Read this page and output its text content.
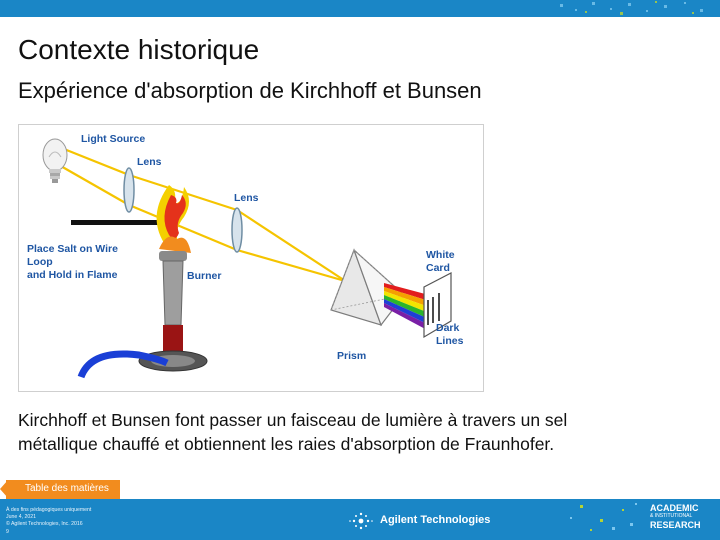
Contexte historique
Expérience d'absorption de Kirchhoff et Bunsen
Light Source
Lens
Lens
Place Salt on Wire
Loop
and Hold in Flame	Burner
White
Card
Dark
Lines
Prism
Kirchhoff et Bunsen font passer un faisceau de lumière à travers un sel
métallique chauffé et obtiennent les raies d'absorption de Fraunhofer.
Table des matières
À des fins pédagogiques uniquement
June 4, 2021
© Agilent Technologies, Inc. 2016
9
Agilent Technologies
ACADEMIC
& INSTITUTIONAL
RESEARCH
